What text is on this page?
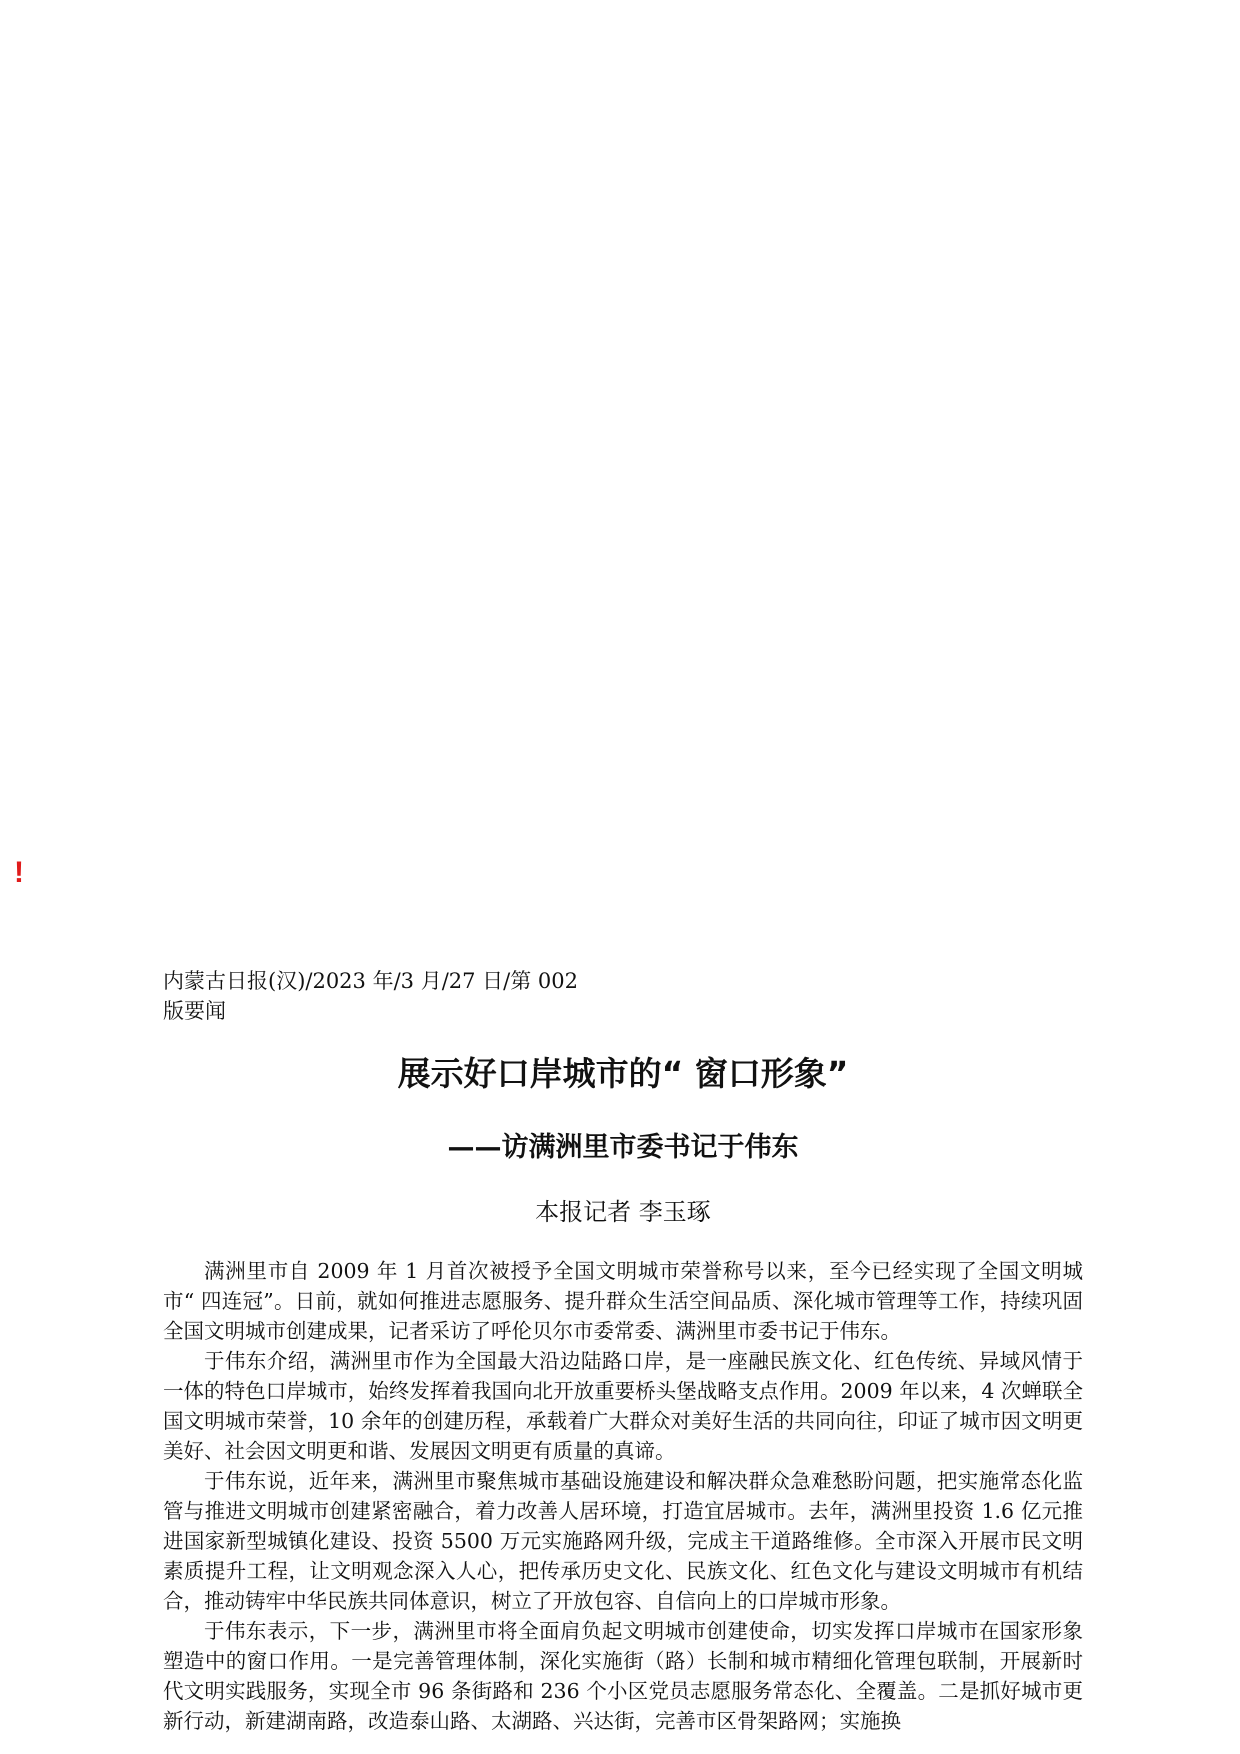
!
内蒙古日报(汉)/2023 年/3 月/27 日/第 002
版要闻
展示好口岸城市的“ 窗口形象”
——访满洲里市委书记于伟东
本报记者 李玉琢

满洲里市自 2009 年 1 月首次被授予全国文明城市荣誉称号以来，至今已经实现了全国文明城市“ 四连冠”。日前，就如何推进志愿服务、提升群众生活空间品质、深化城市管理等工作，持续巩固全国文明城市创建成果，记者采访了呼伦贝尔市委常委、满洲里市委书记于伟东。

于伟东介绍，满洲里市作为全国最大沿边陆路口岸，是一座融民族文化、红色传统、异域风情于一体的特色口岸城市，始终发挥着我国向北开放重要桥头堡战略支点作用。2009 年以来，4 次蝉联全国文明城市荣誉，10 余年的创建历程，承载着广大群众对美好生活的共同向往，印证了城市因文明更美好、社会因文明更和谐、发展因文明更有质量的真谛。

于伟东说，近年来，满洲里市聚焦城市基础设施建设和解决群众急难愁盼问题，把实施常态化监管与推进文明城市创建紧密融合，着力改善人居环境，打造宜居城市。去年，满洲里投资 1.6 亿元推进国家新型城镇化建设、投资 5500 万元实施路网升级，完成主干道路维修。全市深入开展市民文明素质提升工程，让文明观念深入人心，把传承历史文化、民族文化、红色文化与建设文明城市有机结合，推动铸牢中华民族共同体意识，树立了开放包容、自信向上的口岸城市形象。

于伟东表示，下一步，满洲里市将全面肩负起文明城市创建使命，切实发挥口岸城市在国家形象塑造中的窗口作用。一是完善管理体制，深化实施街（路）长制和城市精细化管理包联制，开展新时代文明实践服务，实现全市 96 条街路和 236 个小区党员志愿服务常态化、全覆盖。二是抓好城市更新行动，新建湖南路，改造泰山路、太湖路、兴达街，完善市区骨架路网；实施换
